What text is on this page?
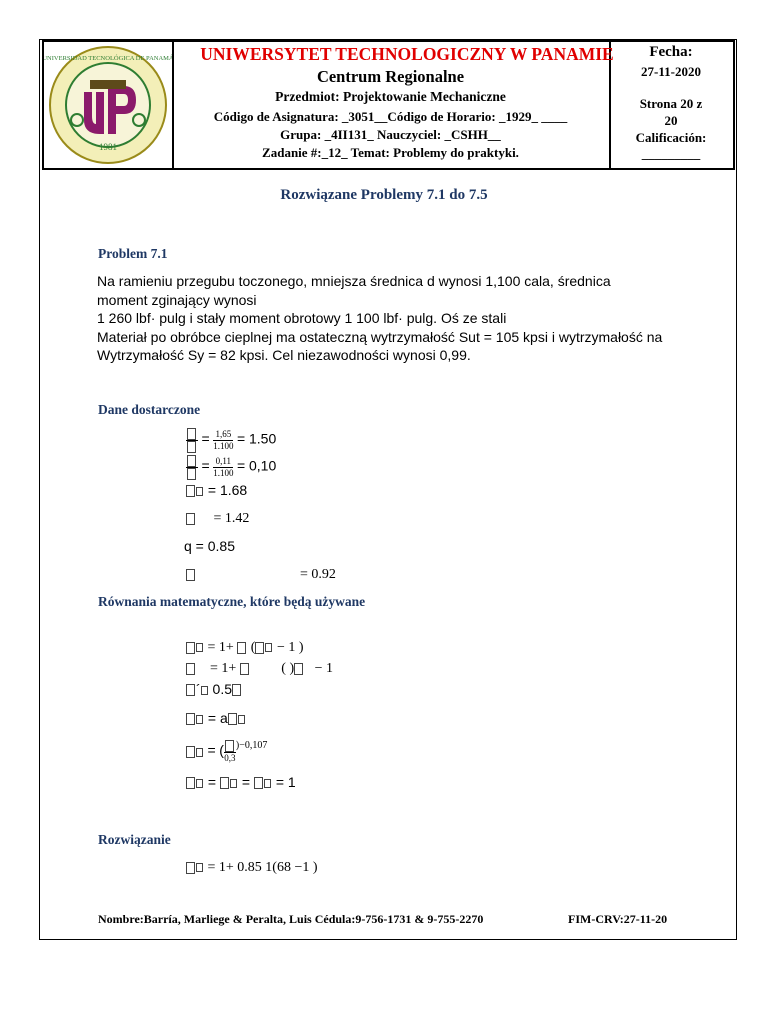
1981
UNIVERSIDAD TECNOLÓGICA DE PANAMÁ	UNIWERSYTET TECHNOLOGICZNY W PANAMIE
Centrum Regionalne
Przedmiot: Projektowanie Mechaniczne
Código de Asignatura: _3051__Código de Horario: _1929_ ____
Grupa: _4II131_ Nauczyciel: _CSHH__
Zadanie #:_12_ Temat: Problemy do praktyki.
Fecha:
27-11-2020
Strona 20 z
20
Calificación:
_________
Rozwiązane Problemy 7.1 do 7.5
Problem 7.1
Na ramieniu przegubu toczonego, mniejsza średnica d wynosi 1,100 cala, średnica
moment zginający wynosi
1 260 lbf· pulg i stały moment obrotowy 1 100 lbf· pulg. Oś ze stali
Materiał po obróbce cieplnej ma ostateczną wytrzymałość Sut = 105 kpsi i wytrzymałość na
Wytrzymałość Sy = 82 kpsi. Cel niezawodności wynosi 0,99.
Dane dostarczone
= $\frac{1,65}{1.100} = 1.50$
= $\frac{0,11}{1.100} = 0,10$
= 1.68
= 1.42
q = 0.85
= 0.92
Równania matematyczne, które będą używane
= 1+  ( − 1 )
= 1+	( ) − 1
´ 0.5
= a
= ( 0,3
$^{)-0,107}$
=  =  = 1
Rozwiązanie
= 1+ 0.85 1(68 −1 )
Nombre:Barría, Marliege & Peralta, Luis Cédula:9-756-1731 & 9-755-2270	FIM-CRV:27-11-20
